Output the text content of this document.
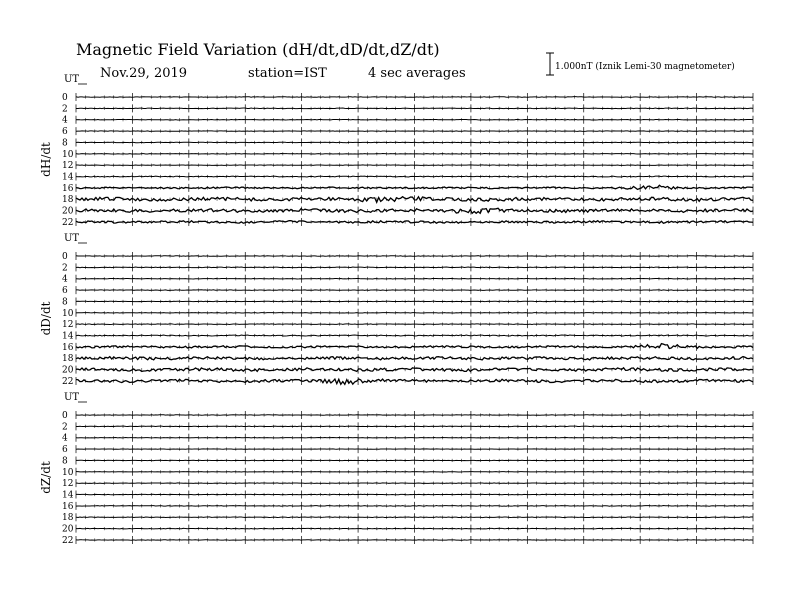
Magnetic Field Variation (dH/dt,dD/dt,dZ/dt)
Nov.29, 2019	station=IST	4 sec averages	1.000nT (Iznik Lemi-30 magnetometer)
UT
dH/dt
0
2
4
6
8
10
12
14
16
18
20
22
UT
dD/dt
0
2
4
6
8
10
12
14
16
18
20
22
UT
dZ/dt
0
2
4
6
8
10
12
14
16
18
20
22
